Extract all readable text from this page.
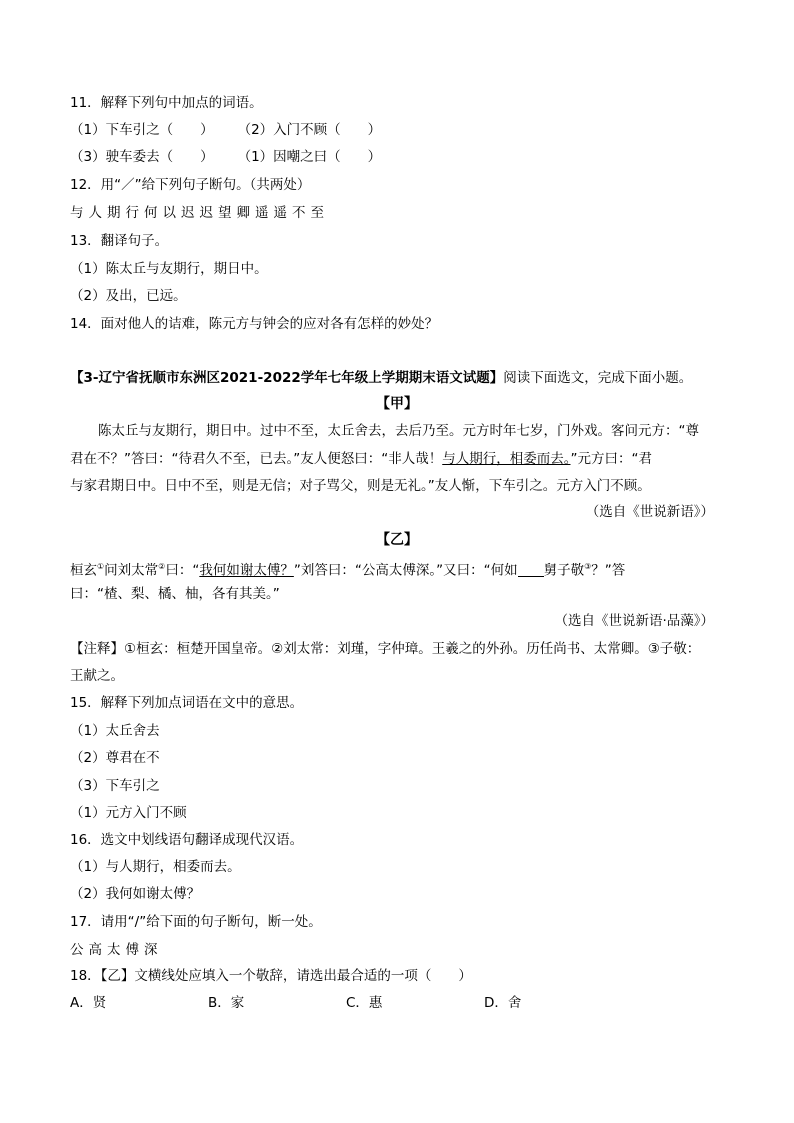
11．解释下列句中加点的词语。

（1）下车引之（　　） （2）入门不顾（　　）

（3）驶车委去（　　） （1）因嘲之曰（　　）

12．用“／”给下列句子断句。（共两处）

与人期行何以迟迟望卿遥遥不至

13．翻译句子。

（1）陈太丘与友期行，期日中。

（2）及出，已远。

14．面对他人的诘难，陈元方与钟会的应对各有怎样的妙处？

【3-辽宁省抚顺市东洲区2021-2022学年七年级上学期期末语文试题】阅读下面选文，完成下面小题。

【甲】

陈太丘与友期行，期日中。过中不至，太丘舍去，去后乃至。元方时年七岁，门外戏。客问元方：“尊

君在不？”答曰：“待君久不至，已去。”友人便怒曰：“非人哉！与人期行，相委而去。”元方曰：“君

与家君期日中。日中不至，则是无信；对子骂父，则是无礼。”友人惭，下车引之。元方入门不顾。

（选自《世说新语》）

【乙】

桓玄①问刘太常②曰：“我何如谢太傅？”刘答曰：“公高太傅深。”又曰：“何如 舅子敬③？”答

曰：“楂、梨、橘、柚，各有其美。”

（选自《世说新语·品藻》）

【注释】①桓玄：桓楚开国皇帝。②刘太常：刘瑾，字仲璋。王羲之的外孙。历任尚书、太常卿。③子敬：

王献之。

15．解释下列加点词语在文中的意思。

（1）太丘舍去

（2）尊君在不

（3）下车引之

（1）元方入门不顾

16．选文中划线语句翻译成现代汉语。

（1）与人期行，相委而去。

（2）我何如谢太傅？

17．请用“/”给下面的句子断句，断一处。

公高太傅深

18．【乙】文横线处应填入一个敬辞，请选出最合适的一项（　　）

A．贤	B．家	C．惠	D．舍
